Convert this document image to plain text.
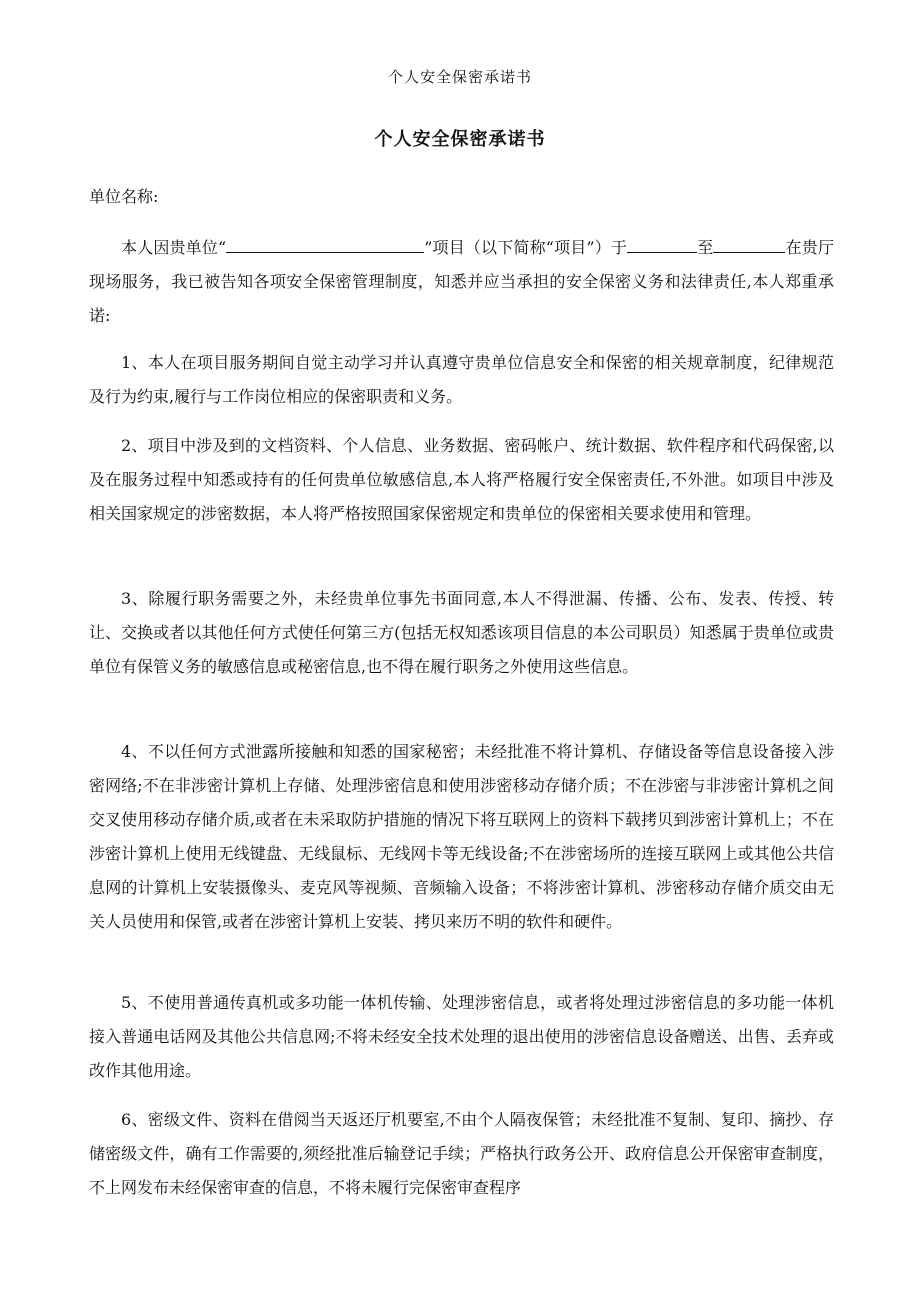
个人安全保密承诺书
个人安全保密承诺书
单位名称:

本人因贵单位“	”项目（以下简称“项目”）于	至	在贵厅现场服务，我已被告知各项安全保密管理制度，知悉并应当承担的安全保密义务和法律责任,本人郑重承诺:

1、本人在项目服务期间自觉主动学习并认真遵守贵单位信息安全和保密的相关规章制度，纪律规范及行为约束,履行与工作岗位相应的保密职责和义务。

2、项目中涉及到的文档资料、个人信息、业务数据、密码帐户、统计数据、软件程序和代码保密,以及在服务过程中知悉或持有的任何贵单位敏感信息,本人将严格履行安全保密责任,不外泄。如项目中涉及相关国家规定的涉密数据，本人将严格按照国家保密规定和贵单位的保密相关要求使用和管理。

3、除履行职务需要之外，未经贵单位事先书面同意,本人不得泄漏、传播、公布、发表、传授、转让、交换或者以其他任何方式使任何第三方(包括无权知悉该项目信息的本公司职员）知悉属于贵单位或贵单位有保管义务的敏感信息或秘密信息,也不得在履行职务之外使用这些信息。

4、不以任何方式泄露所接触和知悉的国家秘密；未经批准不将计算机、存储设备等信息设备接入涉密网络;不在非涉密计算机上存储、处理涉密信息和使用涉密移动存储介质；不在涉密与非涉密计算机之间交叉使用移动存储介质,或者在未采取防护措施的情况下将互联网上的资料下载拷贝到涉密计算机上；不在涉密计算机上使用无线键盘、无线鼠标、无线网卡等无线设备;不在涉密场所的连接互联网上或其他公共信息网的计算机上安装摄像头、麦克风等视频、音频输入设备；不将涉密计算机、涉密移动存储介质交由无关人员使用和保管,或者在涉密计算机上安装、拷贝来历不明的软件和硬件。

5、不使用普通传真机或多功能一体机传输、处理涉密信息，或者将处理过涉密信息的多功能一体机接入普通电话网及其他公共信息网;不将未经安全技术处理的退出使用的涉密信息设备赠送、出售、丢弃或改作其他用途。

6、密级文件、资料在借阅当天返还厅机要室,不由个人隔夜保管；未经批准不复制、复印、摘抄、存储密级文件，确有工作需要的,须经批准后输登记手续；严格执行政务公开、政府信息公开保密审查制度，不上网发布未经保密审查的信息，不将未履行完保密审查程序
